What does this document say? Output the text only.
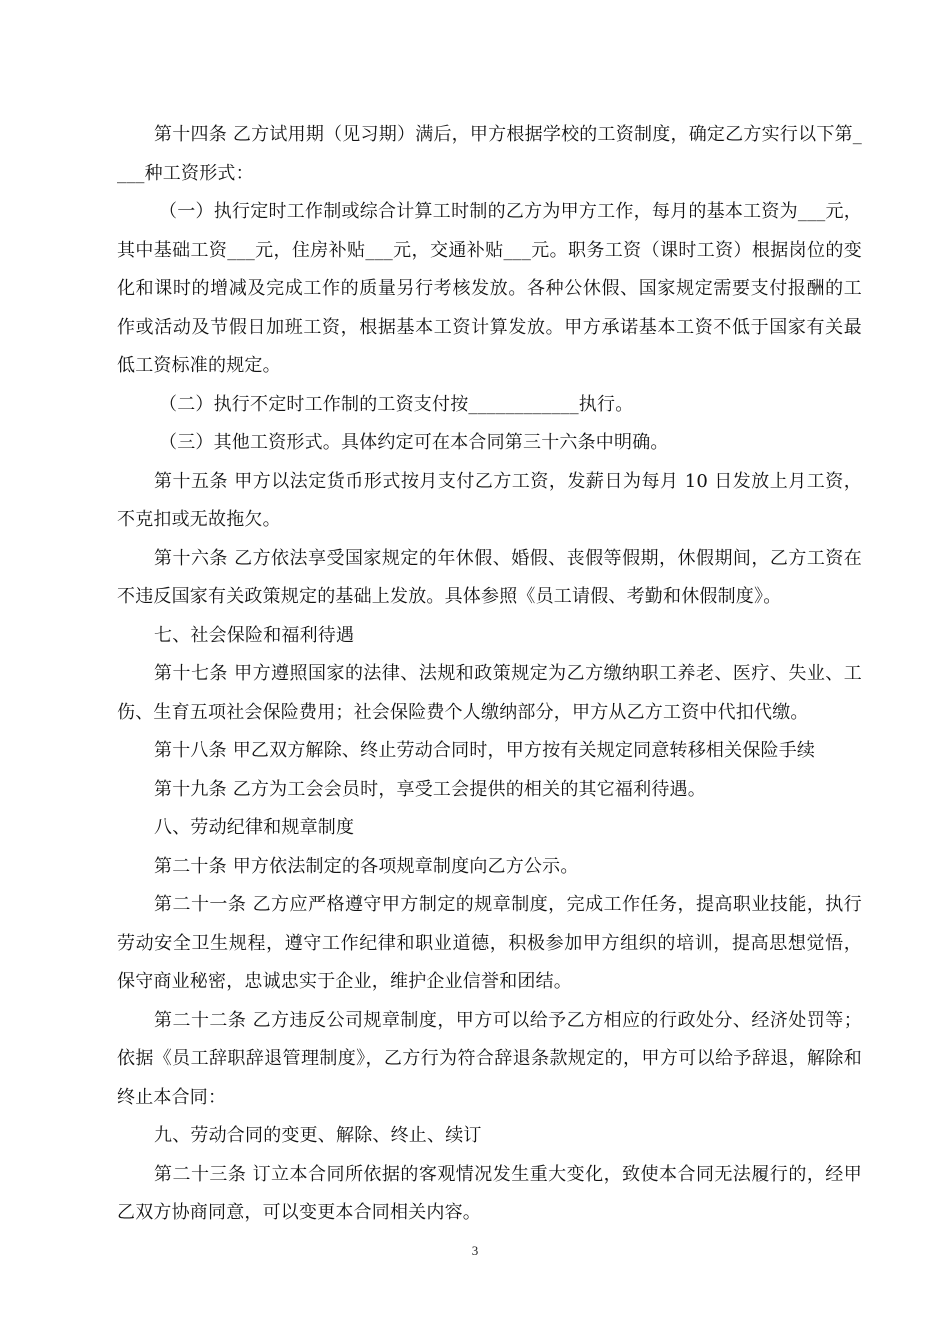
第十四条 乙方试用期（见习期）满后，甲方根据学校的工资制度，确定乙方实行以下第____种工资形式：

（一）执行定时工作制或综合计算工时制的乙方为甲方工作，每月的基本工资为___元，其中基础工资___元，住房补贴___元，交通补贴___元。职务工资（课时工资）根据岗位的变化和课时的增减及完成工作的质量另行考核发放。各种公休假、国家规定需要支付报酬的工作或活动及节假日加班工资，根据基本工资计算发放。甲方承诺基本工资不低于国家有关最低工资标准的规定。

（二）执行不定时工作制的工资支付按____________执行。

（三）其他工资形式。具体约定可在本合同第三十六条中明确。

第十五条 甲方以法定货币形式按月支付乙方工资，发薪日为每月 10 日发放上月工资，不克扣或无故拖欠。

第十六条 乙方依法享受国家规定的年休假、婚假、丧假等假期，休假期间，乙方工资在不违反国家有关政策规定的基础上发放。具体参照《员工请假、考勤和休假制度》。

七、社会保险和福利待遇

第十七条 甲方遵照国家的法律、法规和政策规定为乙方缴纳职工养老、医疗、失业、工伤、生育五项社会保险费用；社会保险费个人缴纳部分，甲方从乙方工资中代扣代缴。

第十八条 甲乙双方解除、终止劳动合同时，甲方按有关规定同意转移相关保险手续

第十九条 乙方为工会会员时，享受工会提供的相关的其它福利待遇。

八、劳动纪律和规章制度

第二十条 甲方依法制定的各项规章制度向乙方公示。

第二十一条 乙方应严格遵守甲方制定的规章制度，完成工作任务，提高职业技能，执行劳动安全卫生规程，遵守工作纪律和职业道德，积极参加甲方组织的培训，提高思想觉悟，保守商业秘密，忠诚忠实于企业，维护企业信誉和团结。

第二十二条 乙方违反公司规章制度，甲方可以给予乙方相应的行政处分、经济处罚等；依据《员工辞职辞退管理制度》，乙方行为符合辞退条款规定的，甲方可以给予辞退，解除和终止本合同：

九、劳动合同的变更、解除、终止、续订

第二十三条 订立本合同所依据的客观情况发生重大变化，致使本合同无法履行的，经甲乙双方协商同意，可以变更本合同相关内容。

3
